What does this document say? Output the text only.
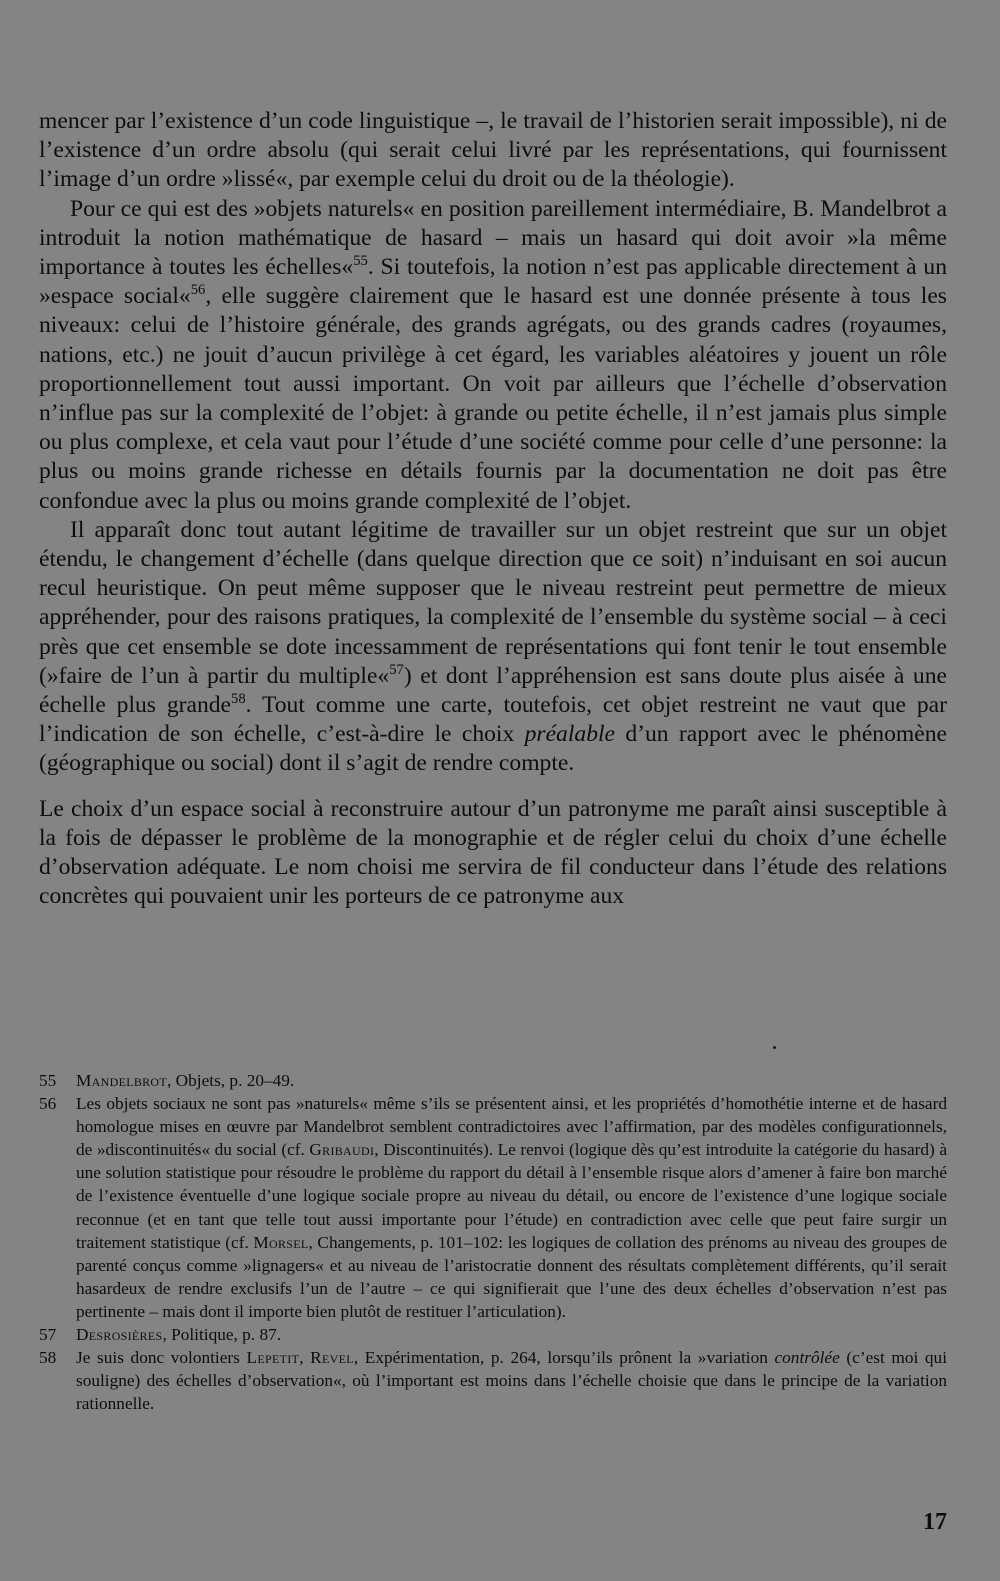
mencer par l’existence d’un code linguistique –, le travail de l’historien serait impossible), ni de l’existence d’un ordre absolu (qui serait celui livré par les représentations, qui fournissent l’image d’un ordre »lissé«, par exemple celui du droit ou de la théologie).

Pour ce qui est des »objets naturels« en position pareillement intermédiaire, B. Mandelbrot a introduit la notion mathématique de hasard – mais un hasard qui doit avoir »la même importance à toutes les échelles«$^{55}$. Si toutefois, la notion n’est pas applicable directement à un »espace social«$^{56}$, elle suggère clairement que le hasard est une donnée présente à tous les niveaux: celui de l’histoire générale, des grands agrégats, ou des grands cadres (royaumes, nations, etc.) ne jouit d’aucun privilège à cet égard, les variables aléatoires y jouent un rôle proportionnellement tout aussi important. On voit par ailleurs que l’échelle d’observation n’influe pas sur la complexité de l’objet: à grande ou petite échelle, il n’est jamais plus simple ou plus complexe, et cela vaut pour l’étude d’une société comme pour celle d’une personne: la plus ou moins grande richesse en détails fournis par la documentation ne doit pas être confondue avec la plus ou moins grande complexité de l’objet.

Il apparaît donc tout autant légitime de travailler sur un objet restreint que sur un objet étendu, le changement d’échelle (dans quelque direction que ce soit) n’induisant en soi aucun recul heuristique. On peut même supposer que le niveau restreint peut permettre de mieux appréhender, pour des raisons pratiques, la complexité de l’ensemble du système social – à ceci près que cet ensemble se dote incessamment de représentations qui font tenir le tout ensemble (»faire de l’un à partir du multiple«$^{57}$) et dont l’appréhension est sans doute plus aisée à une échelle plus grande$^{58}$. Tout comme une carte, toutefois, cet objet restreint ne vaut que par l’indication de son échelle, c’est-à-dire le choix préalable d’un rapport avec le phénomène (géographique ou social) dont il s’agit de rendre compte.

Le choix d’un espace social à reconstruire autour d’un patronyme me paraît ainsi susceptible à la fois de dépasser le problème de la monographie et de régler celui du choix d’une échelle d’observation adéquate. Le nom choisi me servira de fil conducteur dans l’étude des relations concrètes qui pouvaient unir les porteurs de ce patronyme aux

55	Mandelbrot, Objets, p. 20–49.
56	Les objets sociaux ne sont pas »naturels« même s’ils se présentent ainsi, et les propriétés d’homothétie interne et de hasard homologue mises en œuvre par Mandelbrot semblent contradictoires avec l’affirmation, par des modèles configurationnels, de »discontinuités« du social (cf. Gribaudi, Discontinuités). Le renvoi (logique dès qu’est introduite la catégorie du hasard) à une solution statistique pour résoudre le problème du rapport du détail à l’ensemble risque alors d’amener à faire bon marché de l’existence éventuelle d’une logique sociale propre au niveau du détail, ou encore de l’existence d’une logique sociale reconnue (et en tant que telle tout aussi importante pour l’étude) en contradiction avec celle que peut faire surgir un traitement statistique (cf. Morsel, Changements, p. 101–102: les logiques de collation des prénoms au niveau des groupes de parenté conçus comme »lignagers« et au niveau de l’aristocratie donnent des résultats complètement différents, qu’il serait hasardeux de rendre exclusifs l’un de l’autre – ce qui signifierait que l’une des deux échelles d’observation n’est pas pertinente – mais dont il importe bien plutôt de restituer l’articulation).
57	Desrosières, Politique, p. 87.
58	Je suis donc volontiers Lepetit, Revel, Expérimentation, p. 264, lorsqu’ils prônent la »variation contrôlée (c’est moi qui souligne) des échelles d’observation«, où l’important est moins dans l’échelle choisie que dans le principe de la variation rationnelle.
17
